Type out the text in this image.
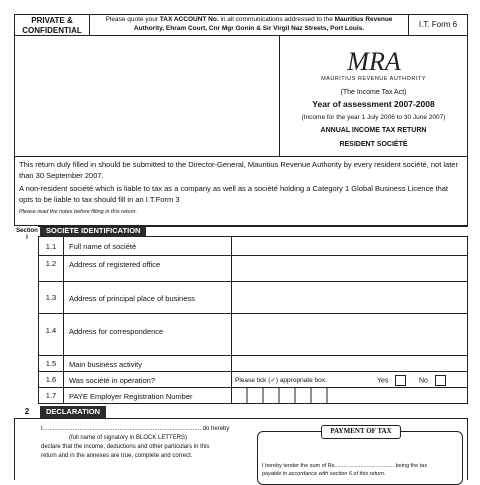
PRIVATE &
CONFIDENTIAL
Please quote your TAX ACCOUNT No. in all communications addressed to the Mauritius Revenue Authority, Ehram Court, Cnr Mgr Gonin & Sir Virgil Naz Streets, Port Louis.	I.T. Form 6
MRA
MAURITIUS REVENUE AUTHORITY
(The Income Tax Act)
Year of assessment 2007-2008
(Income for the year 1 July 2006 to 30 June 2007)
ANNUAL INCOME TAX RETURN
RESIDENT SOCIÉTÉ

This return duly filled in should be submitted to the Director-General, Mauritius Revenue Authority by every resident société, not later than 30 September 2007.

A non-resident société which is liable to tax as a company as well as a société holding a Category 1 Global Business Licence that opts to be liable to tax should fill in an I.T.Form 3

Please read the notes before filling in this return.

Section
I
SOCIÉTÉ IDENTIFICATION
1.1	Full name of société
1.2	Address of registered office
1.3	Address of principal place of business
1.4	Address for correspondence
1.5	Main business activity
1.6	Was société in operation?	Please tick (✓) appropriate box.	Yes	No
1.7	PAYE Employer Registration Number
2	DECLARATION
I............................................................................................... do hereby
(full name of signatory in BLOCK LETTERS)
declare that the income, deductions and other particulars in this
return and in the annexes are true, complete and correct.
PAYMENT OF TAX
I hereby tender the sum of Rs....................................... being the tax
payable in accordance with section 6 of this return.
